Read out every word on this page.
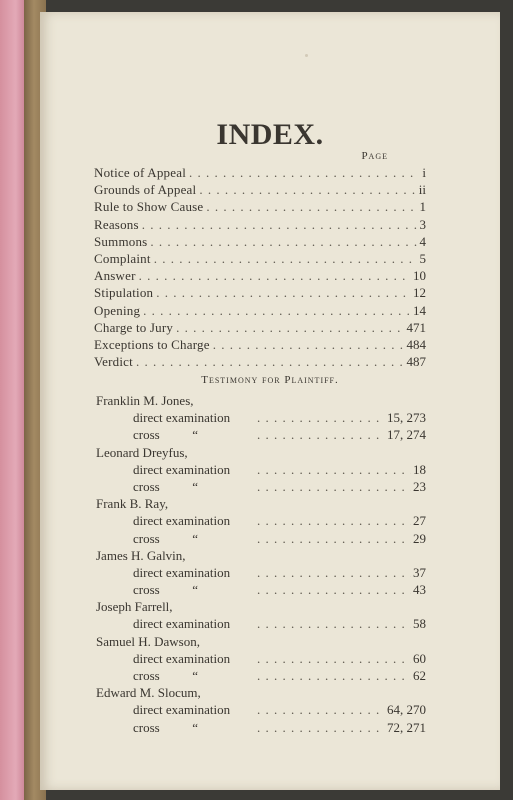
INDEX.
Page
Notice of Appeal . . .	i
Grounds of Appeal . . .	ii
Rule to Show Cause . . .	1
Reasons . . .	3
Summons . . .	4
Complaint . . .	5
Answer . . .	10
Stipulation . . .	12
Opening . . .	14
Charge to Jury . . .	471
Exceptions to Charge . . .	484
Verdict . . .	487
Testimony for Plaintiff.
Franklin M. Jones,
direct examination . . .	15, 273
cross          “ . . .	17, 274
Leonard Dreyfus,
direct examination . . .	18
cross          “ . . .	23
Frank B. Ray,
direct examination . . .	27
cross          “ . . .	29
James H. Galvin,
direct examination . . .	37
cross          “ . . .	43
Joseph Farrell,
direct examination . . .	58
Samuel H. Dawson,
direct examination . . .	60
cross          “ . . .	62
Edward M. Slocum,
direct examination . . .	64, 270
cross          “ . . .	72, 271
